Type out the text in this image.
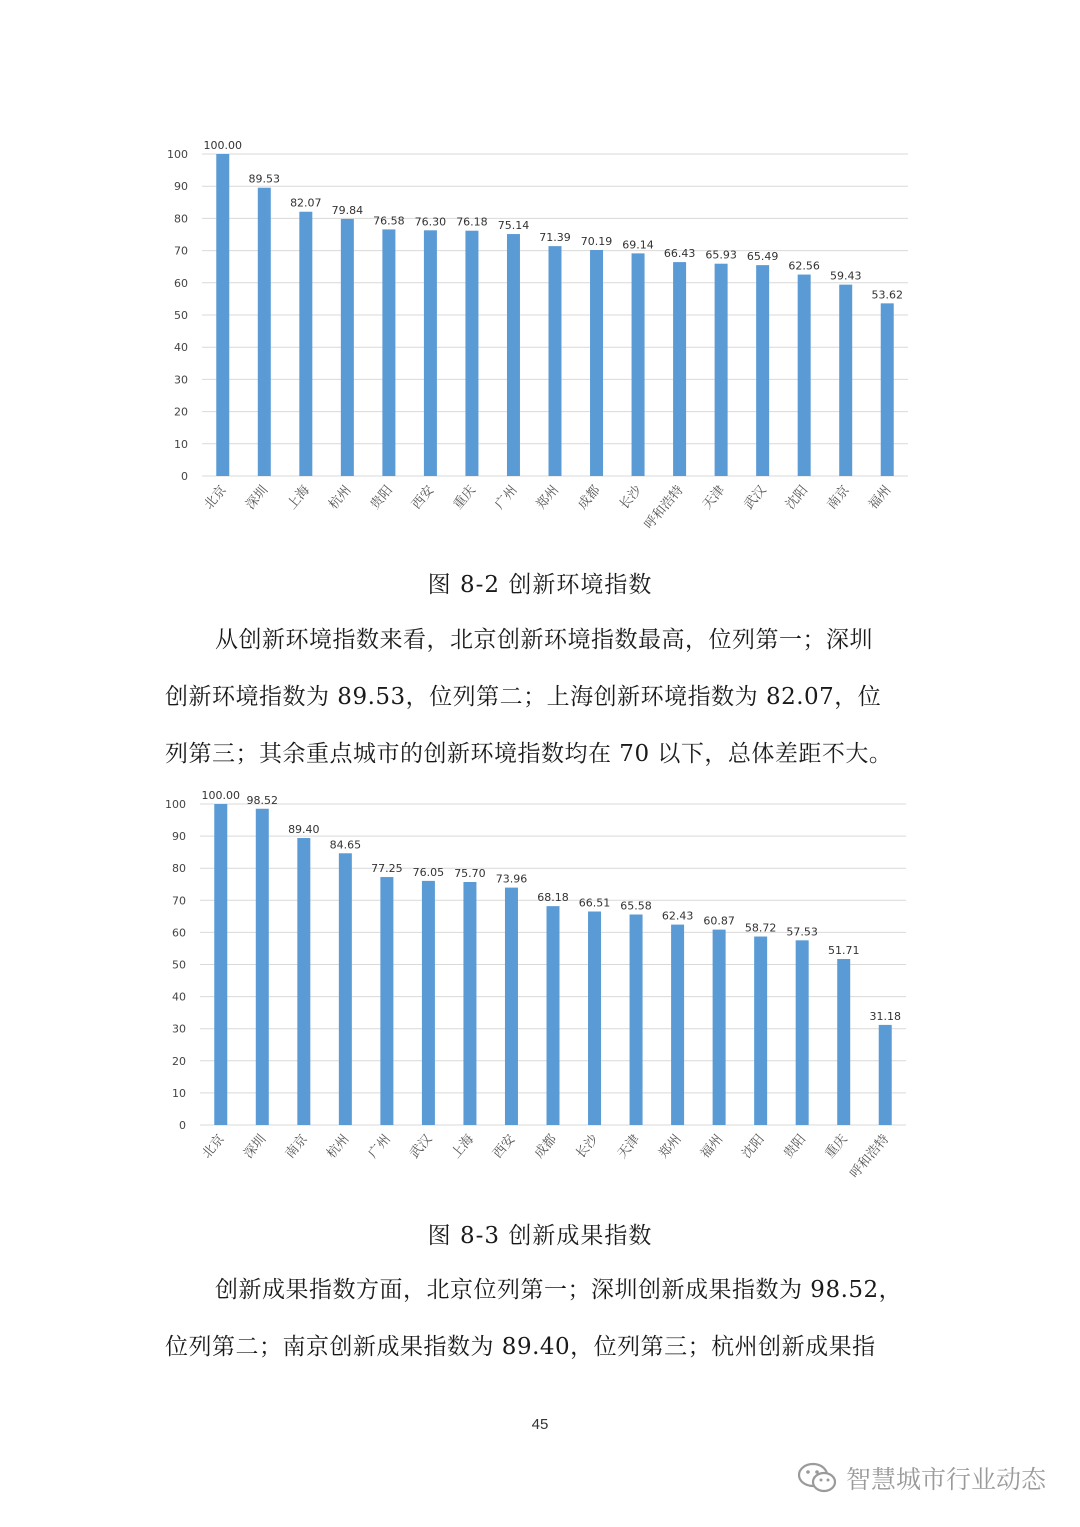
0
10
20
30
40
50
60
70
80
90
100
100.00
北京
89.53
深圳
82.07
上海
79.84
杭州
76.58
贵阳
76.30
西安
76.18
重庆
75.14
广州
71.39
郑州
70.19
成都
69.14
长沙
66.43
呼和浩特
65.93
天津
65.49
武汉
62.56
沈阳
59.43
南京
53.62
福州
图 8-2 创新环境指数
从创新环境指数来看，北京创新环境指数最高，位列第一；深圳
创新环境指数为 89.53，位列第二；上海创新环境指数为 82.07，位
列第三；其余重点城市的创新环境指数均在 70 以下，总体差距不大。
0
10
20
30
40
50
60
70
80
90
100
100.00
北京
98.52
深圳
89.40
南京
84.65
杭州
77.25
广州
76.05
武汉
75.70
上海
73.96
西安
68.18
成都
66.51
长沙
65.58
天津
62.43
郑州
60.87
福州
58.72
沈阳
57.53
贵阳
51.71
重庆
31.18
呼和浩特
图 8-3 创新成果指数
创新成果指数方面，北京位列第一；深圳创新成果指数为 98.52，
位列第二；南京创新成果指数为 89.40，位列第三；杭州创新成果指
45
智慧城市行业动态
